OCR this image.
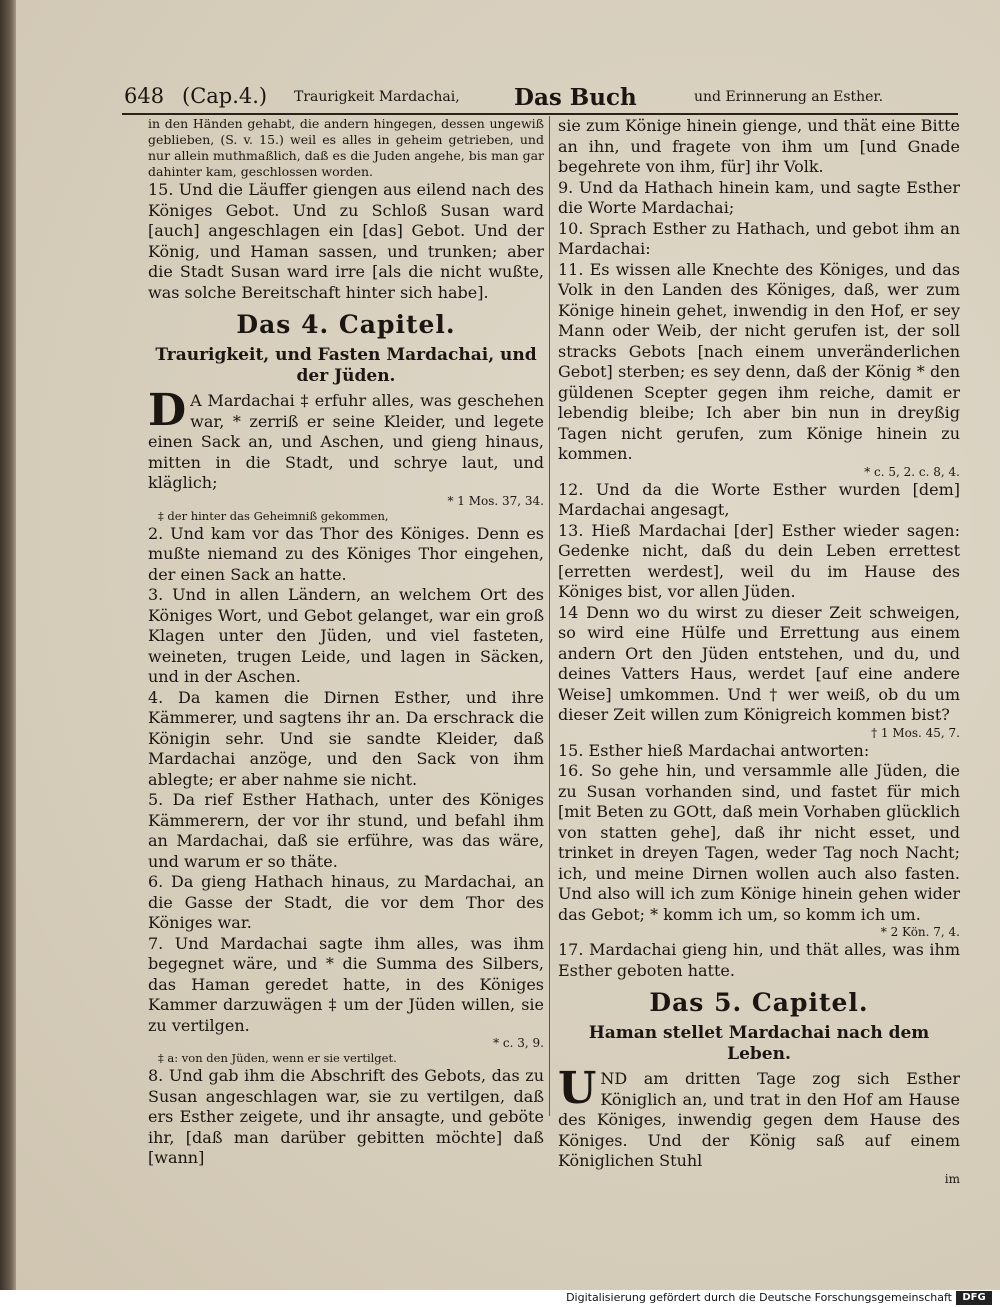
648 (Cap.4.) Traurigkeit Mardachai, Das Buch	und Erinnerung an Esther.

in den Händen gehabt, die andern hingegen, dessen ungewiß geblieben, (S. v. 15.) weil es alles in geheim getrieben, und nur allein muthmaßlich, daß es die Juden angehe, bis man gar dahinter kam, geschlossen worden.

15. Und die Läuffer giengen aus eilend nach des Königes Gebot. Und zu Schloß Susan ward [auch] angeschlagen ein [das] Gebot. Und der König, und Haman sassen, und trunken; aber die Stadt Susan ward irre [als die nicht wußte, was solche Bereitschaft hinter sich habe].

Das 4. Capitel.
Traurigkeit, und Fasten Mardachai, und der Jüden.

D A Mardachai ‡ erfuhr alles, was geschehen war, * zerriß er seine Kleider, und legete einen Sack an, und Aschen, und gieng hinaus, mitten in die Stadt, und schrye laut, und kläglich;

* 1 Mos. 37, 34.

‡ der hinter das Geheimniß gekommen,

2. Und kam vor das Thor des Königes. Denn es mußte niemand zu des Königes Thor eingehen, der einen Sack an hatte.

3. Und in allen Ländern, an welchem Ort des Königes Wort, und Gebot gelanget, war ein groß Klagen unter den Jüden, und viel fasteten, weineten, trugen Leide, und lagen in Säcken, und in der Aschen.

4. Da kamen die Dirnen Esther, und ihre Kämmerer, und sagtens ihr an. Da erschrack die Königin sehr. Und sie sandte Kleider, daß Mardachai anzöge, und den Sack von ihm ablegte; er aber nahme sie nicht.

5. Da rief Esther Hathach, unter des Königes Kämmerern, der vor ihr stund, und befahl ihm an Mardachai, daß sie erführe, was das wäre, und warum er so thäte.

6. Da gieng Hathach hinaus, zu Mardachai, an die Gasse der Stadt, die vor dem Thor des Königes war.

7. Und Mardachai sagte ihm alles, was ihm begegnet wäre, und * die Summa des Silbers, das Haman geredet hatte, in des Königes Kammer darzuwägen ‡ um der Jüden willen, sie zu vertilgen.

* c. 3, 9.

‡ a: von den Jüden, wenn er sie vertilget.

8. Und gab ihm die Abschrift des Gebots, das zu Susan angeschlagen war, sie zu vertilgen, daß ers Esther zeigete, und ihr ansagte, und geböte ihr, [daß man darüber gebitten möchte] daß [wann]

sie zum Könige hinein gienge, und thät eine Bitte an ihn, und fragete von ihm um [und Gnade begehrete von ihm, für] ihr Volk.

9. Und da Hathach hinein kam, und sagte Esther die Worte Mardachai;

10. Sprach Esther zu Hathach, und gebot ihm an Mardachai:

11. Es wissen alle Knechte des Königes, und das Volk in den Landen des Königes, daß, wer zum Könige hinein gehet, inwendig in den Hof, er sey Mann oder Weib, der nicht gerufen ist, der soll stracks Gebots [nach einem unveränderlichen Gebot] sterben; es sey denn, daß der König * den güldenen Scepter gegen ihm reiche, damit er lebendig bleibe; Ich aber bin nun in dreyßig Tagen nicht gerufen, zum Könige hinein zu kommen.

* c. 5, 2. c. 8, 4.

12. Und da die Worte Esther wurden [dem] Mardachai angesagt,

13. Hieß Mardachai [der] Esther wieder sagen: Gedenke nicht, daß du dein Leben errettest [erretten werdest], weil du im Hause des Königes bist, vor allen Jüden.

14 Denn wo du wirst zu dieser Zeit schweigen, so wird eine Hülfe und Errettung aus einem andern Ort den Jüden entstehen, und du, und deines Vatters Haus, werdet [auf eine andere Weise] umkommen. Und † wer weiß, ob du um dieser Zeit willen zum Königreich kommen bist?

† 1 Mos. 45, 7.

15. Esther hieß Mardachai antworten:

16. So gehe hin, und versammle alle Jüden, die zu Susan vorhanden sind, und fastet für mich [mit Beten zu GOtt, daß mein Vorhaben glücklich von statten gehe], daß ihr nicht esset, und trinket in dreyen Tagen, weder Tag noch Nacht; ich, und meine Dirnen wollen auch also fasten. Und also will ich zum Könige hinein gehen wider das Gebot; * komm ich um, so komm ich um.

* 2 Kön. 7, 4.

17. Mardachai gieng hin, und thät alles, was ihm Esther geboten hatte.

Das 5. Capitel.
Haman stellet Mardachai nach dem Leben.

UND am dritten Tage zog sich Esther Königlich an, und trat in den Hof am Hause des Königes, inwendig gegen dem Hause des Königes. Und der König saß auf einem Königlichen Stuhl

im

Digitalisierung gefördert durch die Deutsche Forschungsgemeinschaft	DFG
